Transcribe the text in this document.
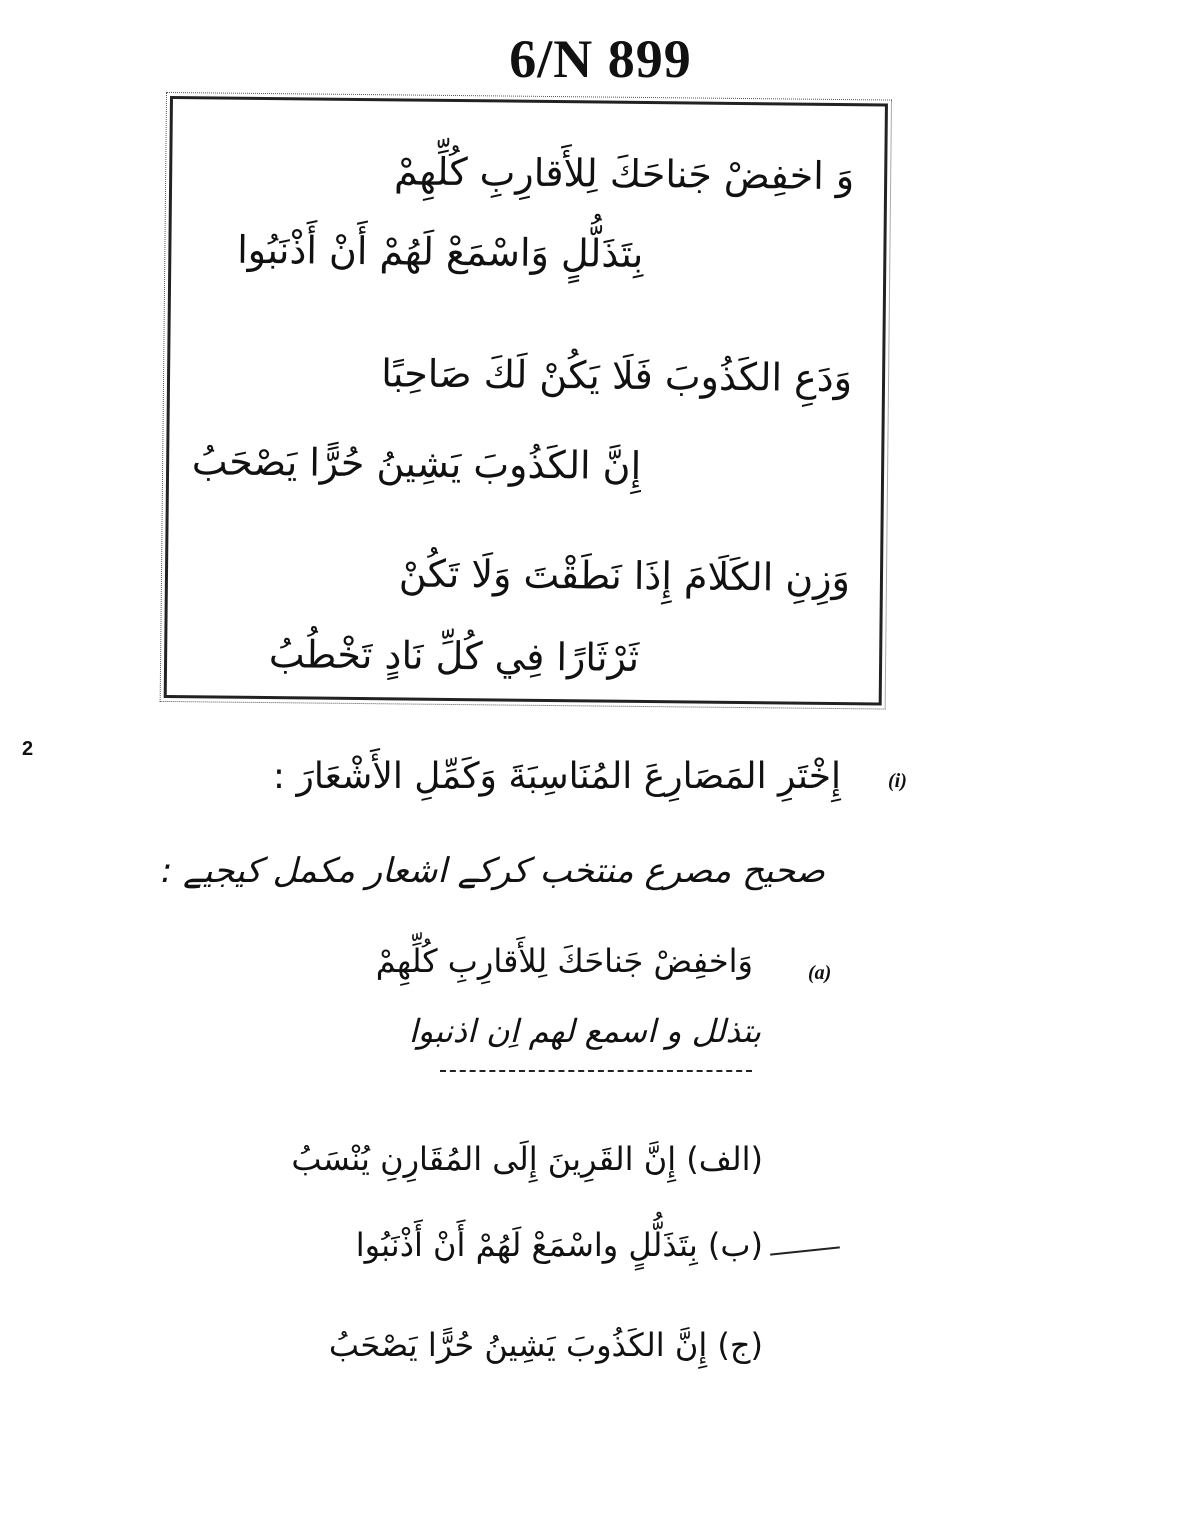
6/N 899
وَ اخفِضْ جَناحَكَ لِلأَقارِبِ كُلِّهِمْ
بِتَذَلُّلٍ وَاسْمَعْ لَهُمْ أَنْ أَذْنَبُوا
وَدَعِ الكَذُوبَ فَلَا يَكُنْ لَكَ صَاحِبًا
إِنَّ الكَذُوبَ يَشِينُ حُرًّا يَصْحَبُ
وَزِنِ الكَلَامَ إِذَا نَطَقْتَ وَلَا تَكُنْ
ثَرْثَارًا فِي كُلِّ نَادٍ تَخْطُبُ
2
(i)
إِخْتَرِ المَصَارِعَ المُنَاسِبَةَ وَكَمِّلِ الأَشْعَارَ :
صحیح مصرع منتخب کرکے اشعار مکمل کیجیے :
(a)
وَاخفِضْ جَناحَكَ لِلأَقارِبِ كُلِّهِمْ
بتذلل و اسمع لھم اِن اذنبوا
(الف) إِنَّ القَرِينَ إِلَى المُقَارِنِ يُنْسَبُ
(ب) بِتَذَلُّلٍ واسْمَعْ لَهُمْ أَنْ أَذْنَبُوا
(ج) إِنَّ الكَذُوبَ يَشِينُ حُرًّا يَصْحَبُ
